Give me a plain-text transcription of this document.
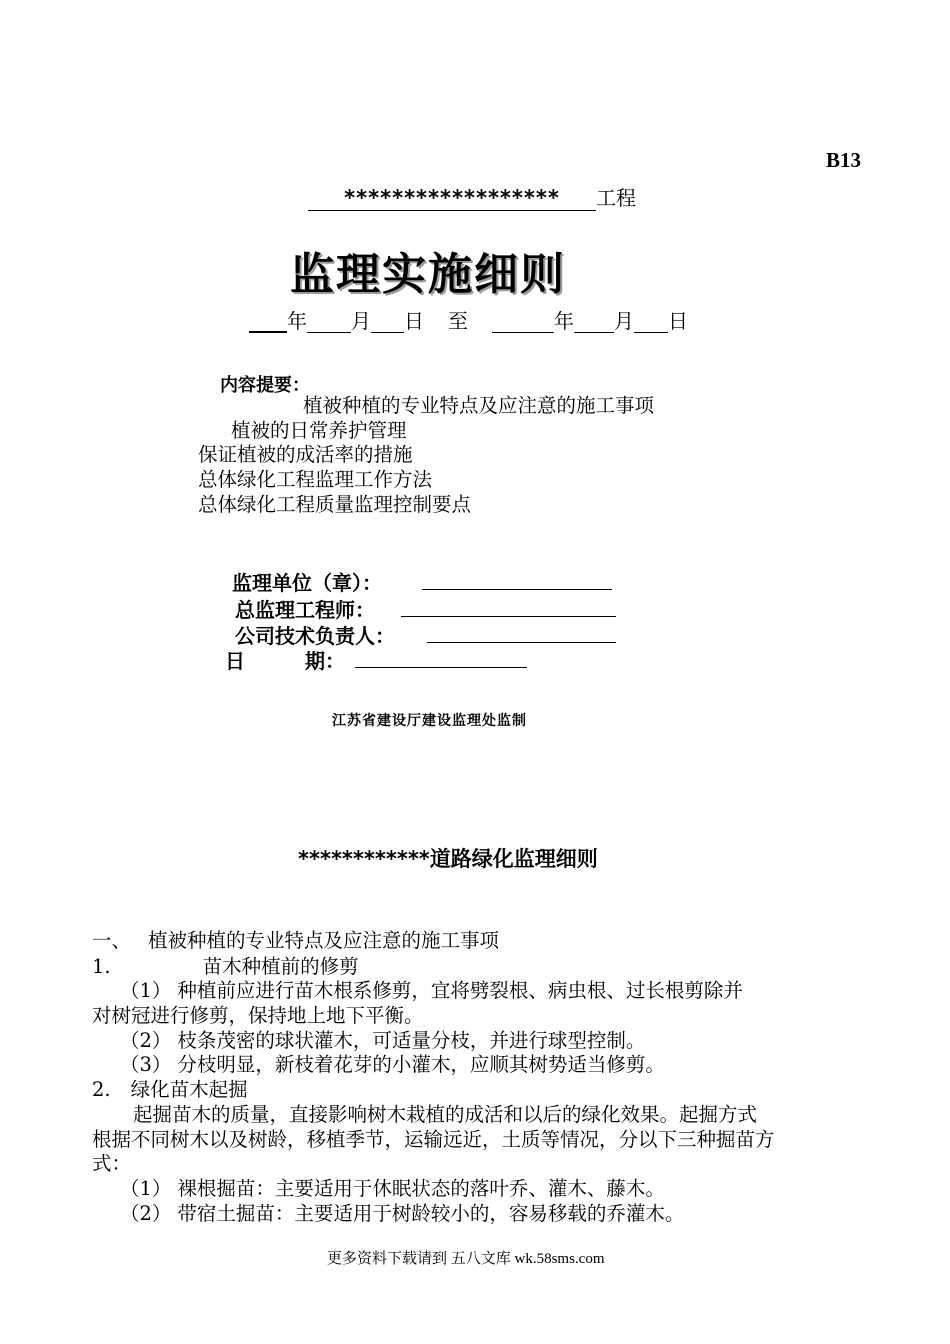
B13
****************** 工程
监理实施细则
年 月 日 至	年 月 日
内容提要：
植被种植的专业特点及应注意的施工事项
植被的日常养护管理
保证植被的成活率的措施
总体绿化工程监理工作方法
总体绿化工程质量监理控制要点
监理单位（章）：
总监理工程师：
公司技术负责人：
日	期：
江苏省建设厅建设监理处监制
************道路绿化监理细则
一、 植被种植的专业特点及应注意的施工事项
1.	苗木种植前的修剪
（1） 种植前应进行苗木根系修剪，宜将劈裂根、病虫根、过长根剪除并
对树冠进行修剪，保持地上地下平衡。
（2） 枝条茂密的球状灌木，可适量分枝，并进行球型控制。
（3） 分枝明显，新枝着花芽的小灌木，应顺其树势适当修剪。
2. 绿化苗木起掘
起掘苗木的质量，直接影响树木栽植的成活和以后的绿化效果。起掘方式
根据不同树木以及树龄，移植季节，运输远近，土质等情况，分以下三种掘苗方
式：
（1） 裸根掘苗：主要适用于休眠状态的落叶乔、灌木、藤木。
（2） 带宿土掘苗：主要适用于树龄较小的，容易移载的乔灌木。
更多资料下载请到 五八文库 wk.58sms.com
